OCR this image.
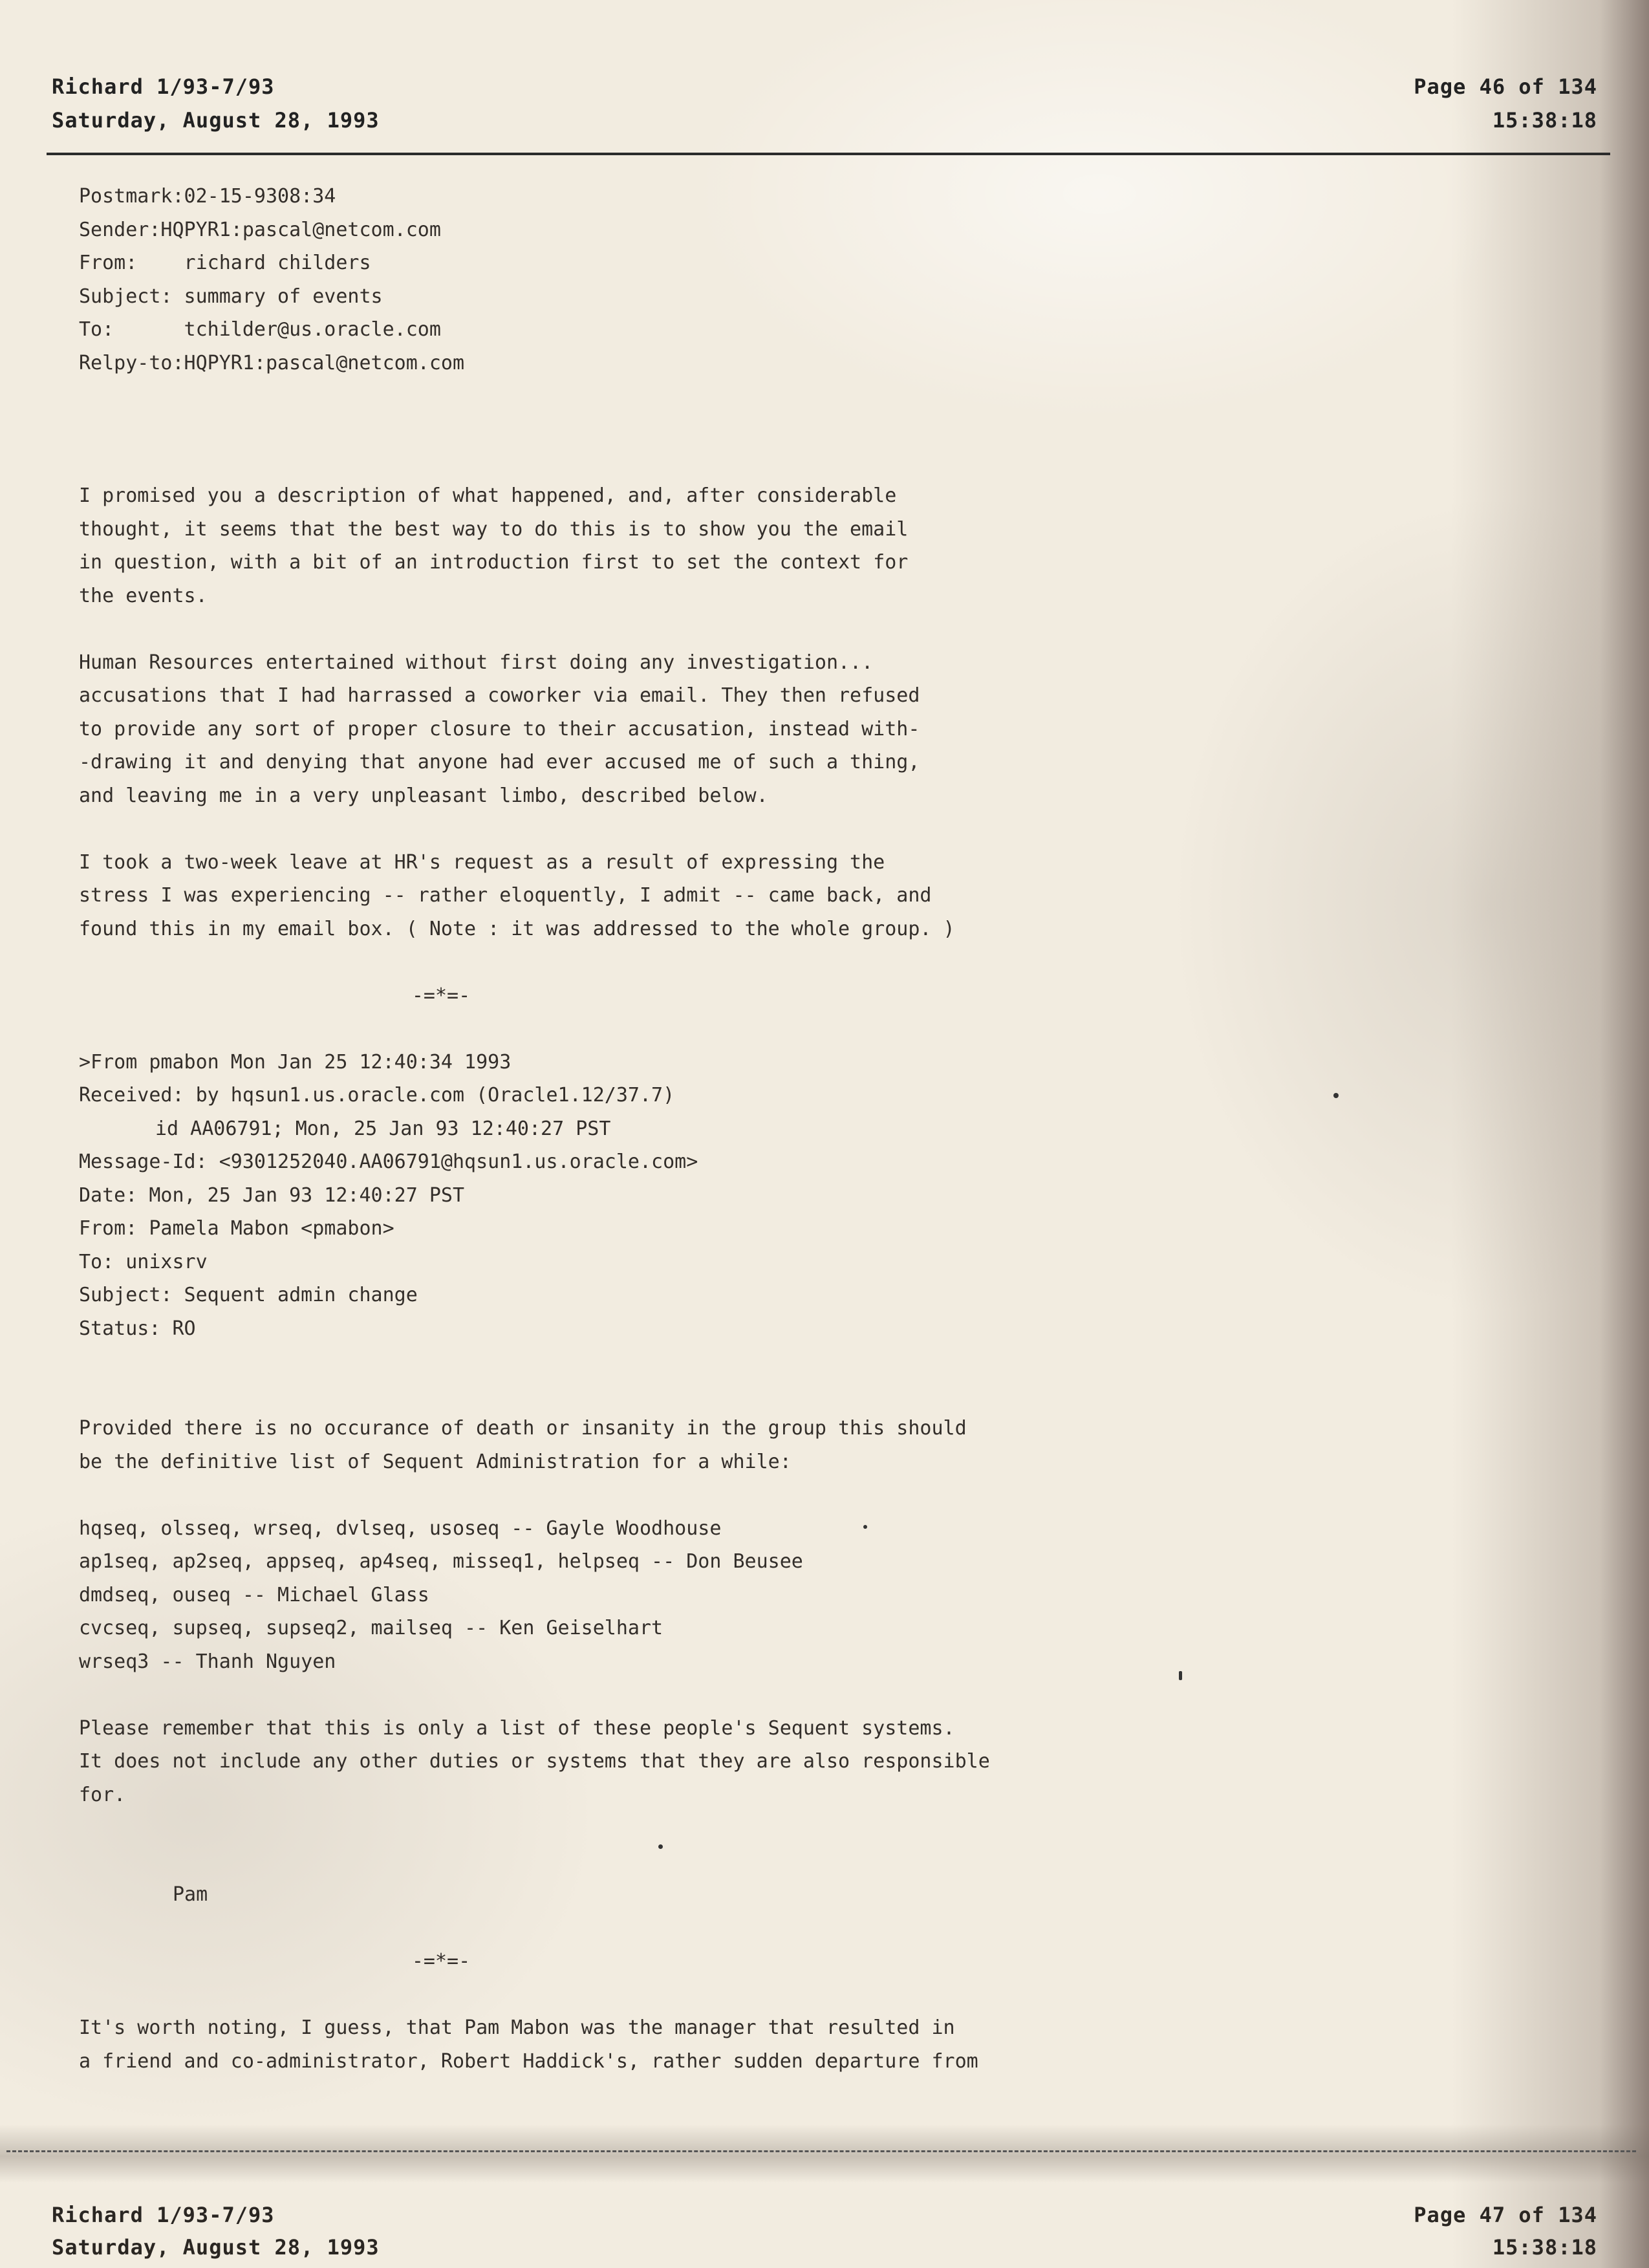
Richard 1/93-7/93
Saturday, August 28, 1993
Page 46 of 134
15:38:18
Postmark:02-15-9308:34
Sender:HQPYR1:pascal@netcom.com
From:    richard childers
Subject: summary of events
To:      tchilder@us.oracle.com
Relpy-to:HQPYR1:pascal@netcom.com
I promised you a description of what happened, and, after considerable
thought, it seems that the best way to do this is to show you the email
in question, with a bit of an introduction first to set the context for
the events.
Human Resources entertained without first doing any investigation...
accusations that I had harrassed a coworker via email. They then refused
to provide any sort of proper closure to their accusation, instead with-
-drawing it and denying that anyone had ever accused me of such a thing,
and leaving me in a very unpleasant limbo, described below.
I took a two-week leave at HR's request as a result of expressing the
stress I was experiencing -- rather eloquently, I admit -- came back, and
found this in my email box. ( Note : it was addressed to the whole group. )
-=*=-
>From pmabon Mon Jan 25 12:40:34 1993
Received: by hqsun1.us.oracle.com (Oracle1.12/37.7)
id AA06791; Mon, 25 Jan 93 12:40:27 PST
Message-Id: <9301252040.AA06791@hqsun1.us.oracle.com>
Date: Mon, 25 Jan 93 12:40:27 PST
From: Pamela Mabon <pmabon>
To: unixsrv
Subject: Sequent admin change
Status: RO
Provided there is no occurance of death or insanity in the group this should
be the definitive list of Sequent Administration for a while:
hqseq, olsseq, wrseq, dvlseq, usoseq -- Gayle Woodhouse
ap1seq, ap2seq, appseq, ap4seq, misseq1, helpseq -- Don Beusee
dmdseq, ouseq -- Michael Glass
cvcseq, supseq, supseq2, mailseq -- Ken Geiselhart
wrseq3 -- Thanh Nguyen
Please remember that this is only a list of these people's Sequent systems.
It does not include any other duties or systems that they are also responsible
for.
Pam
-=*=-
It's worth noting, I guess, that Pam Mabon was the manager that resulted in
a friend and co-administrator, Robert Haddick's, rather sudden departure from
Richard 1/93-7/93
Saturday, August 28, 1993
Page 47 of 134
15:38:18
